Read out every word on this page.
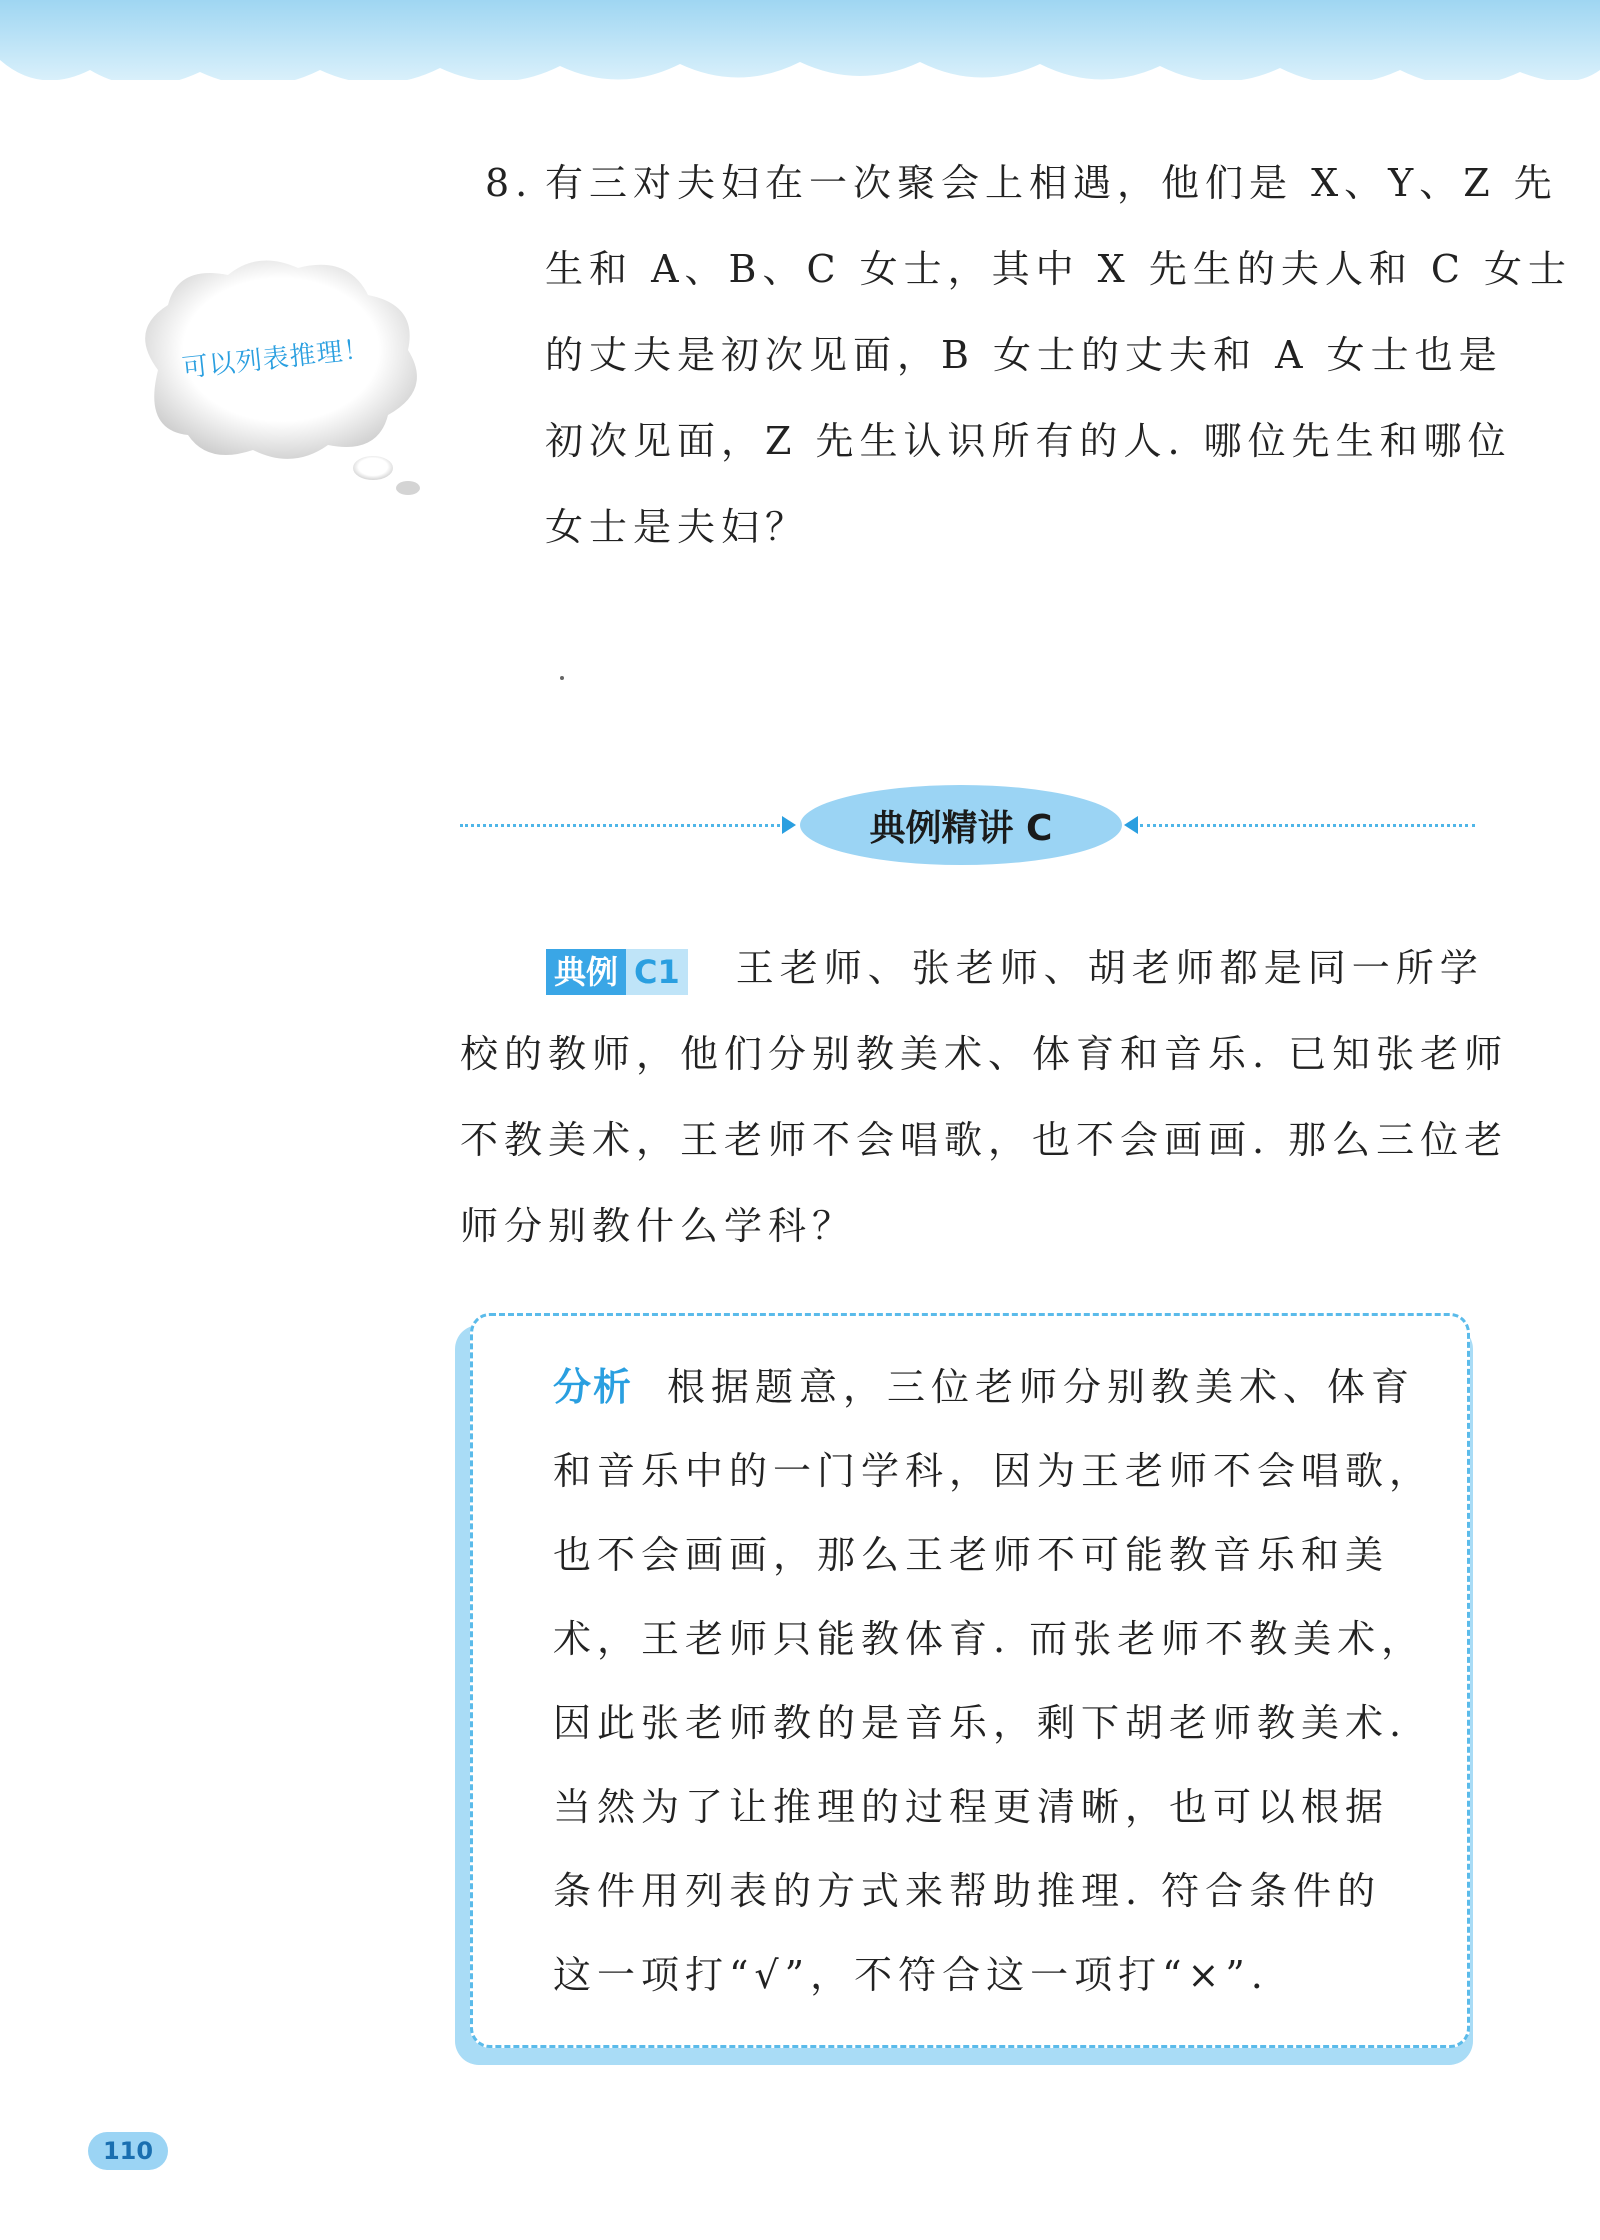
可以列表推理！
8. 有三对夫妇在一次聚会上相遇，他们是 X、Y、Z 先
生和 A、B、C 女士，其中 X 先生的夫人和 C 女士
的丈夫是初次见面，B 女士的丈夫和 A 女士也是
初次见面，Z 先生认识所有的人. 哪位先生和哪位
女士是夫妇？
典例精讲 C
典例 C1 王老师、张老师、胡老师都是同一所学
校的教师，他们分别教美术、体育和音乐. 已知张老师
不教美术，王老师不会唱歌，也不会画画. 那么三位老
师分别教什么学科？
分析 根据题意，三位老师分别教美术、体育
和音乐中的一门学科，因为王老师不会唱歌，
也不会画画，那么王老师不可能教音乐和美
术，王老师只能教体育. 而张老师不教美术，
因此张老师教的是音乐，剩下胡老师教美术.
当然为了让推理的过程更清晰，也可以根据
条件用列表的方式来帮助推理. 符合条件的
这一项打“√”，不符合这一项打“×”.
110
